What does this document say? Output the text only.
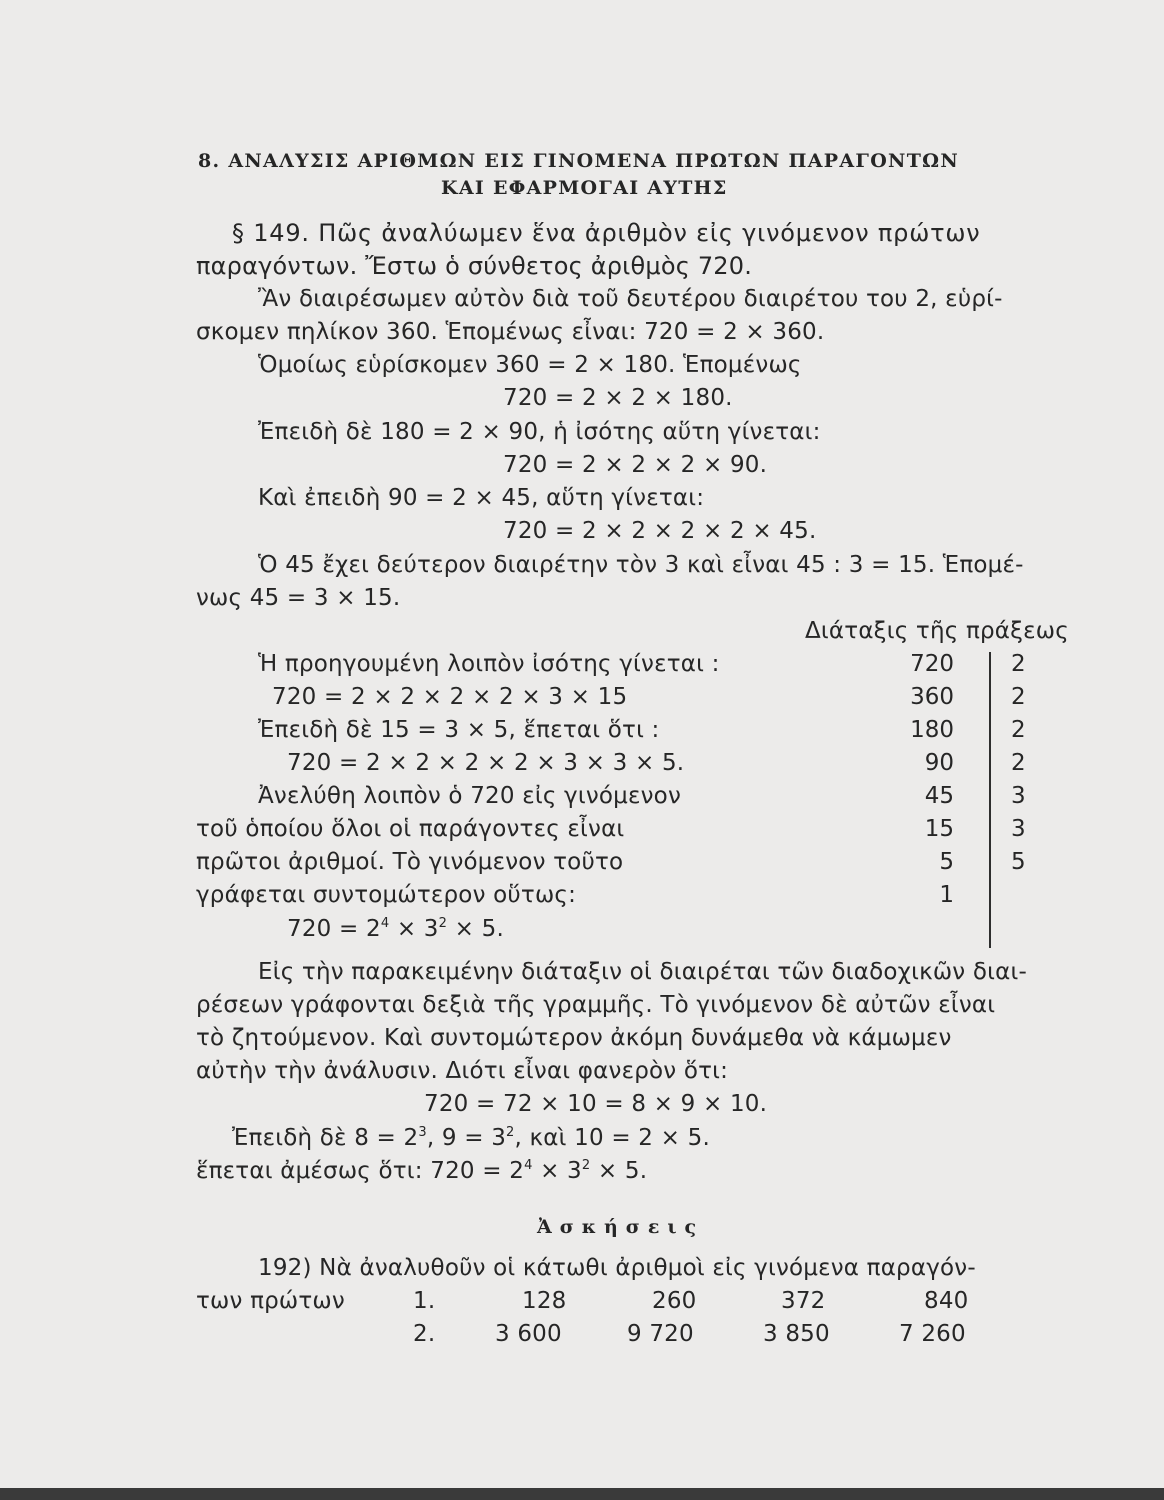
8. ΑΝΑΛΥΣΙΣ ΑΡΙΘΜΩΝ ΕΙΣ ΓΙΝΟΜΕΝΑ ΠΡΩΤΩΝ ΠΑΡΑΓΟΝΤΩΝ
ΚΑΙ ΕΦΑΡΜΟΓΑΙ ΑΥΤΗΣ
§ 149. Πῶς ἀναλύωμεν ἕνα ἀριθμὸν εἰς γινόμενον πρώτων
παραγόντων. Ἔστω ὁ σύνθετος ἀριθμὸς 720.
Ἂν διαιρέσωμεν αὐτὸν διὰ τοῦ δευτέρου διαιρέτου του 2, εὑρί-
σκομεν πηλίκον 360. Ἑπομένως εἶναι: 720 = 2 × 360.
Ὁμοίως εὑρίσκομεν 360 = 2 × 180. Ἑπομένως
720 = 2 × 2 × 180.
Ἐπειδὴ δὲ 180 = 2 × 90, ἡ ἰσότης αὕτη γίνεται:
720 = 2 × 2 × 2 × 90.
Καὶ ἐπειδὴ 90 = 2 × 45, αὕτη γίνεται:
720 = 2 × 2 × 2 × 2 × 45.
Ὁ 45 ἔχει δεύτερον διαιρέτην τὸν 3 καὶ εἶναι 45 : 3 = 15. Ἑπομέ-
νως 45 = 3 × 15.
Διάταξις τῆς πράξεως
Ἡ προηγουμένη λοιπὸν ἰσότης γίνεται :
720 = 2 × 2 × 2 × 2 × 3 × 15
Ἐπειδὴ δὲ 15 = 3 × 5, ἕπεται ὅτι :
720 = 2 × 2 × 2 × 2 × 3 × 3 × 5.
Ἀνελύθη λοιπὸν ὁ 720 εἰς γινόμενον
τοῦ ὁποίου ὅλοι οἱ παράγοντες εἶναι
πρῶτοι ἀριθμοί. Τὸ γινόμενον τοῦτο
γράφεται συντομώτερον οὕτως:
$720 = 2^4 \times 3^2 \times 5$.
720 2
360 2
180 2
90 2
45 3
15 3
5 5
1
Εἰς τὴν παρακειμένην διάταξιν οἱ διαιρέται τῶν διαδοχικῶν διαι-
ρέσεων γράφονται δεξιὰ τῆς γραμμῆς. Τὸ γινόμενον δὲ αὐτῶν εἶναι
τὸ ζητούμενον. Καὶ συντομώτερον ἀκόμη δυνάμεθα νὰ κάμωμεν
αὐτὴν τὴν ἀνάλυσιν. Διότι εἶναι φανερὸν ὅτι:
720 = 72 × 10 = 8 × 9 × 10.
Ἐπειδὴ δὲ $8 = 2^3$, $9 = 3^2$, καὶ 10 = 2 × 5.
ἕπεται ἀμέσως ὅτι: $720 = 2^4 \times 3^2 \times 5$.
Ἀσκήσεις
192) Νὰ ἀναλυθοῦν οἱ κάτωθι ἀριθμοὶ εἰς γινόμενα παραγόν-
των πρώτων	1.	128	260	372	840
2.	3 600	9 720	3 850	7 260
